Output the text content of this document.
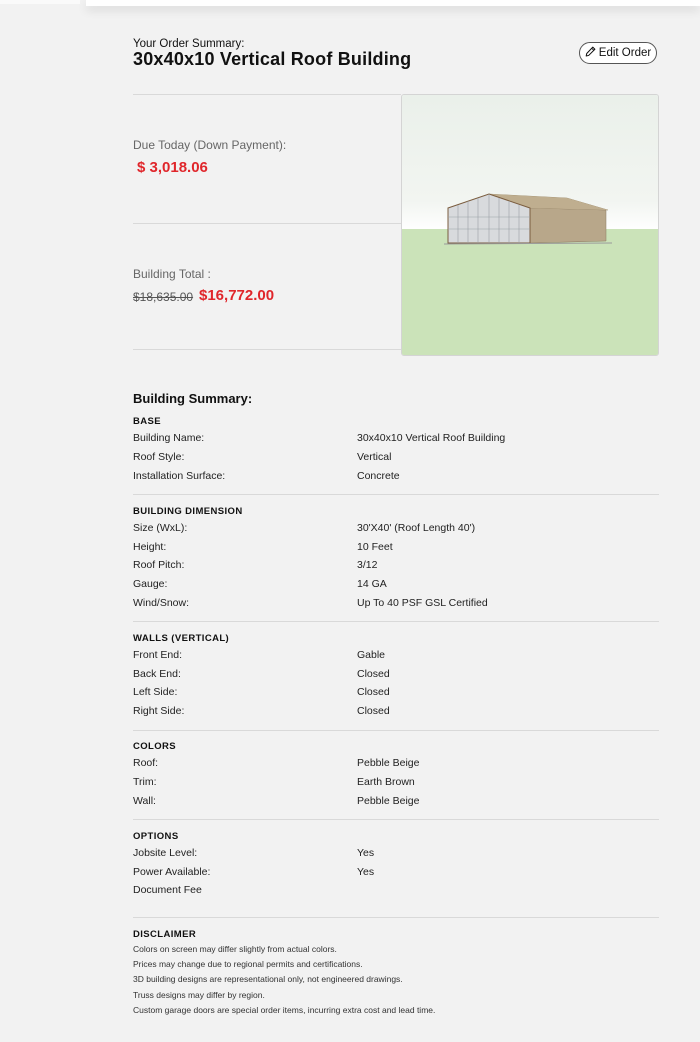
Your Order Summary:
30x40x10 Vertical Roof Building	Edit Order
Due Today (Down Payment):
$ 3,018.06
Building Total :
$18,635.00 $16,772.00
Building Summary:
BASE
Building Name:	30x40x10 Vertical Roof Building
Roof Style:	Vertical
Installation Surface:	Concrete
BUILDING DIMENSION
Size (WxL):	30'X40' (Roof Length 40')
Height:	10 Feet
Roof Pitch:	3/12
Gauge:	14 GA
Wind/Snow:	Up To 40 PSF GSL Certified
WALLS (VERTICAL)
Front End:	Gable
Back End:	Closed
Left Side:	Closed
Right Side:	Closed
COLORS
Roof:	Pebble Beige
Trim:	Earth Brown
Wall:	Pebble Beige
OPTIONS
Jobsite Level:	Yes
Power Available:	Yes
Document Fee
DISCLAIMER
Colors on screen may differ slightly from actual colors.
Prices may change due to regional permits and certifications.
3D building designs are representational only, not engineered drawings.
Truss designs may differ by region.
Custom garage doors are special order items, incurring extra cost and lead time.
